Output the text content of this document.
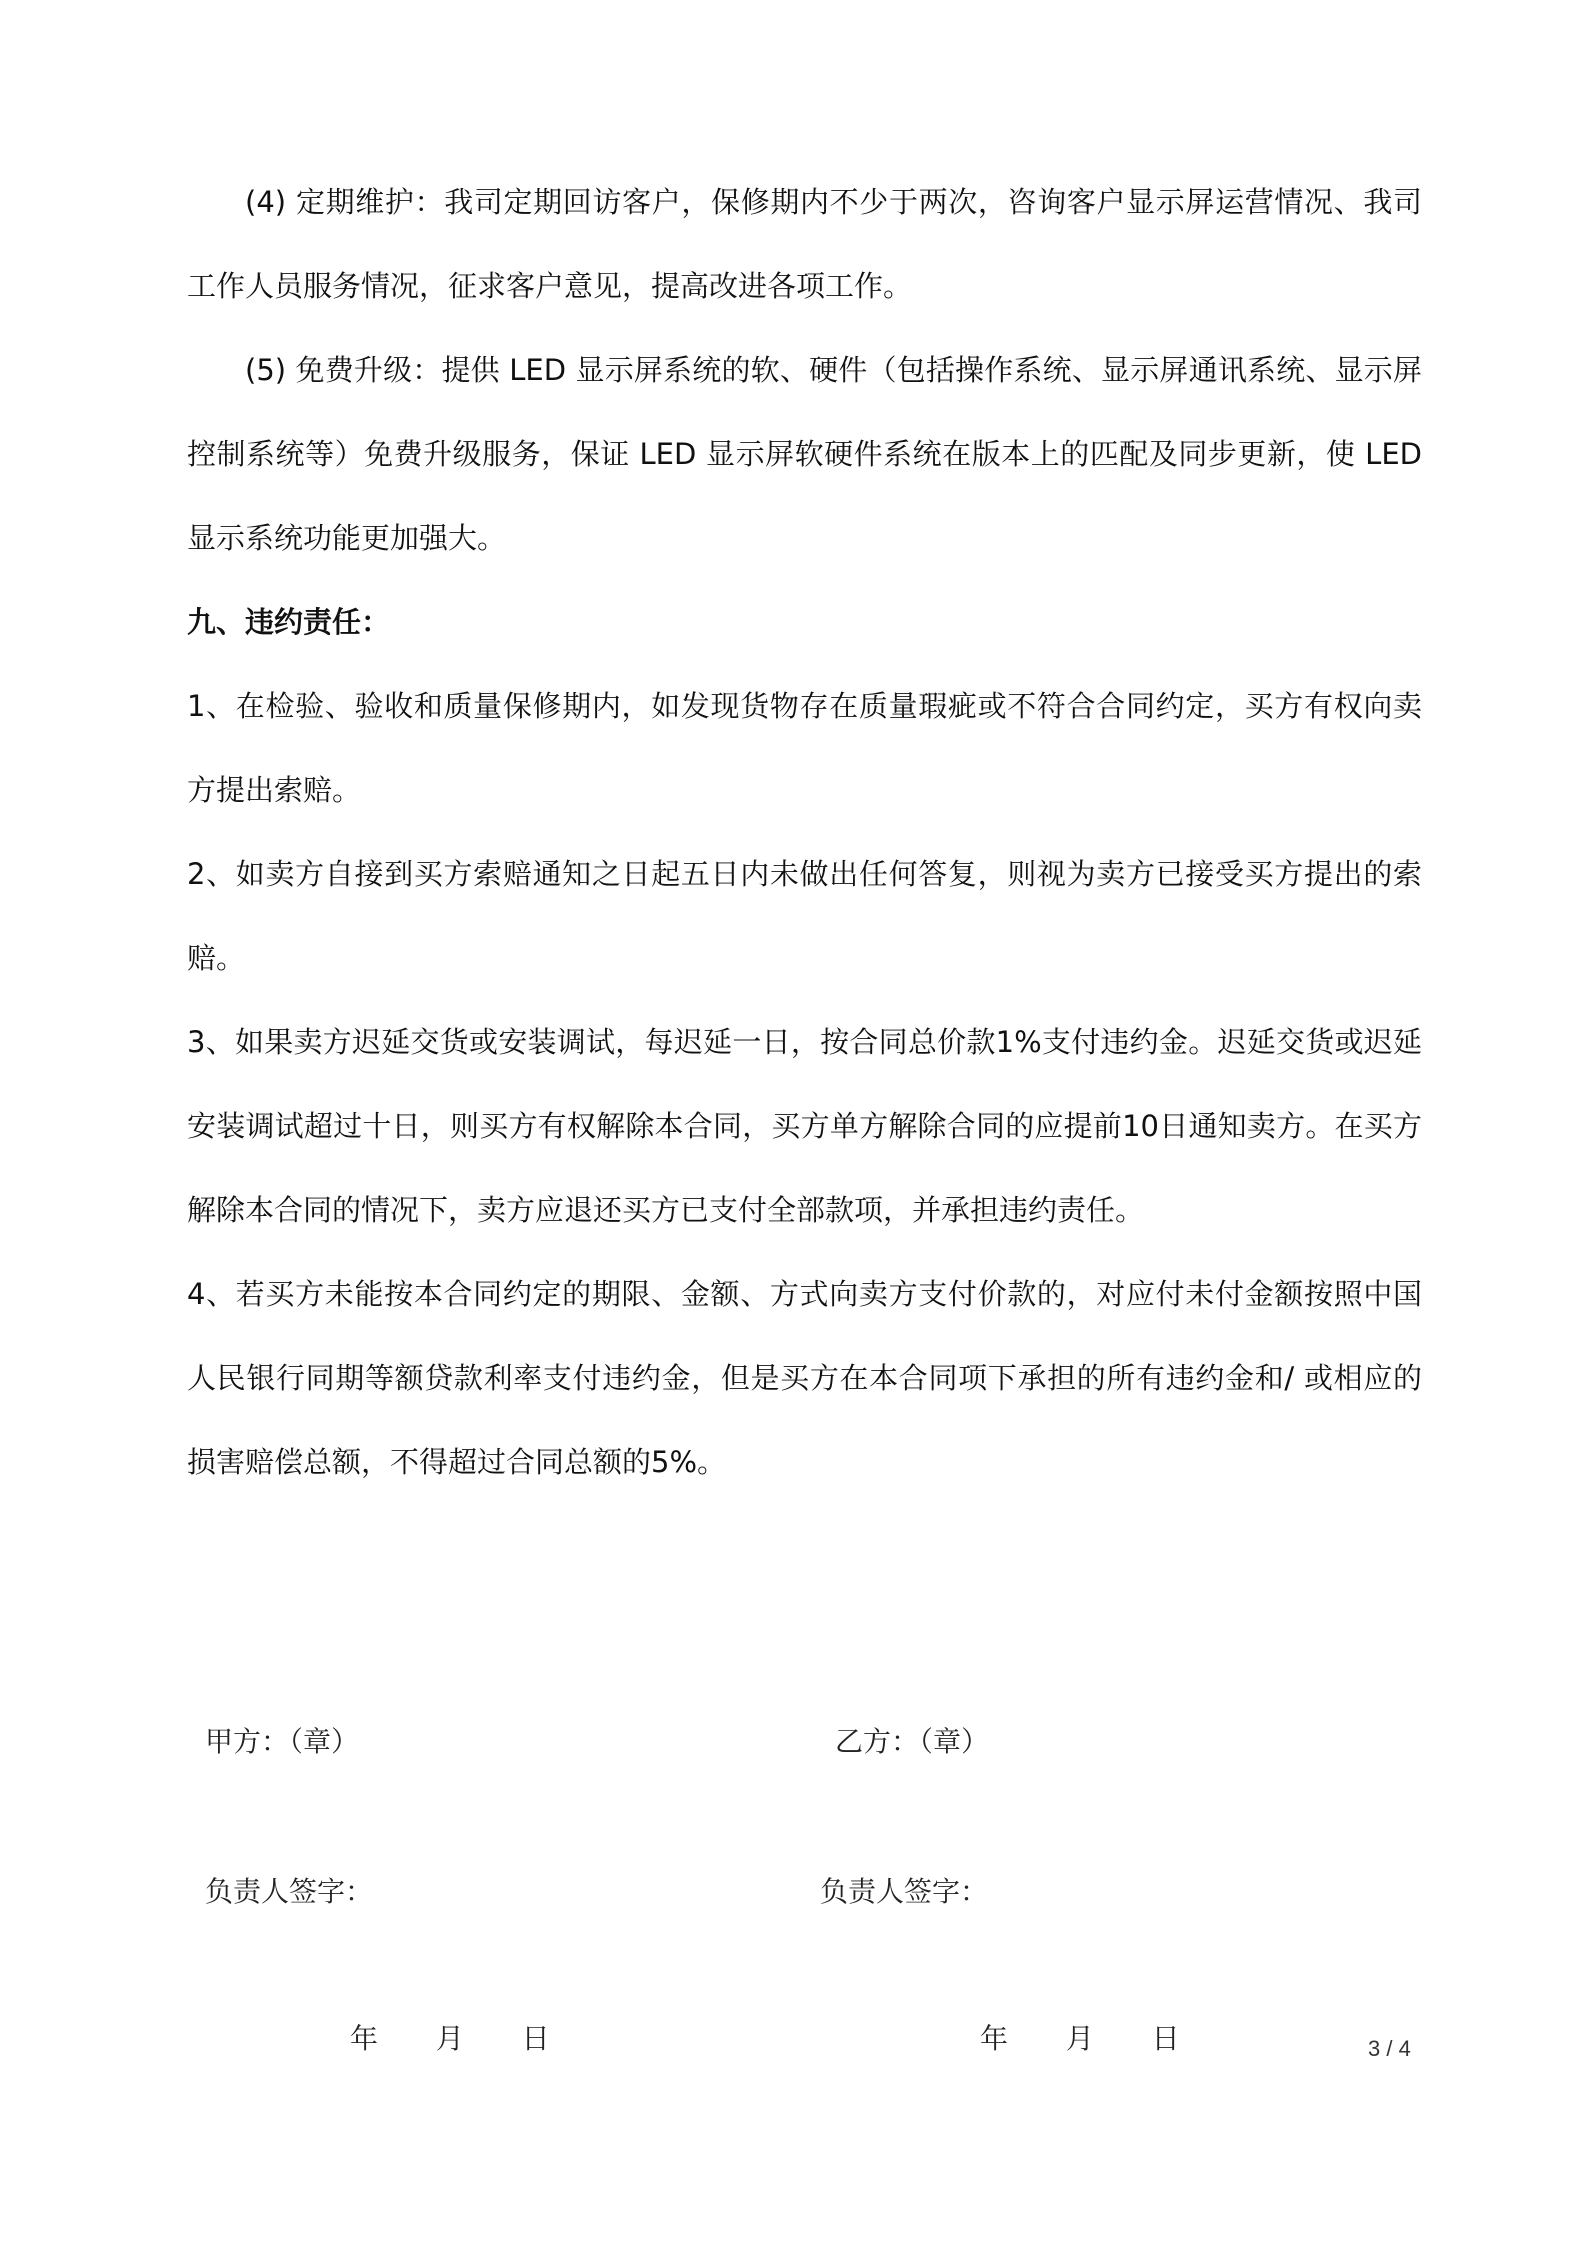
(4) 定期维护：我司定期回访客户，保修期内不少于两次，咨询客户显示屏运营情况、我司工作人员服务情况，征求客户意见，提高改进各项工作。

(5) 免费升级：提供 LED 显示屏系统的软、硬件（包括操作系统、显示屏通讯系统、显示屏控制系统等）免费升级服务，保证 LED 显示屏软硬件系统在版本上的匹配及同步更新，使 LED 显示系统功能更加强大。

九、违约责任：

1、在检验、验收和质量保修期内，如发现货物存在质量瑕疵或不符合合同约定，买方有权向卖方提出索赔。

2、如卖方自接到买方索赔通知之日起五日内未做出任何答复，则视为卖方已接受买方提出的索赔。

3、如果卖方迟延交货或安装调试，每迟延一日，按合同总价款1%支付违约金。迟延交货或迟延安装调试超过十日，则买方有权解除本合同，买方单方解除合同的应提前10日通知卖方。在买方解除本合同的情况下，卖方应退还买方已支付全部款项，并承担违约责任。

4、若买方未能按本合同约定的期限、金额、方式向卖方支付价款的，对应付未付金额按照中国人民银行同期等额贷款利率支付违约金，但是买方在本合同项下承担的所有违约金和/ 或相应的损害赔偿总额，不得超过合同总额的5%。

甲方：（章）	乙方：（章）
负责人签字：	负责人签字：
年 月 日	年 月 日	3 / 4
